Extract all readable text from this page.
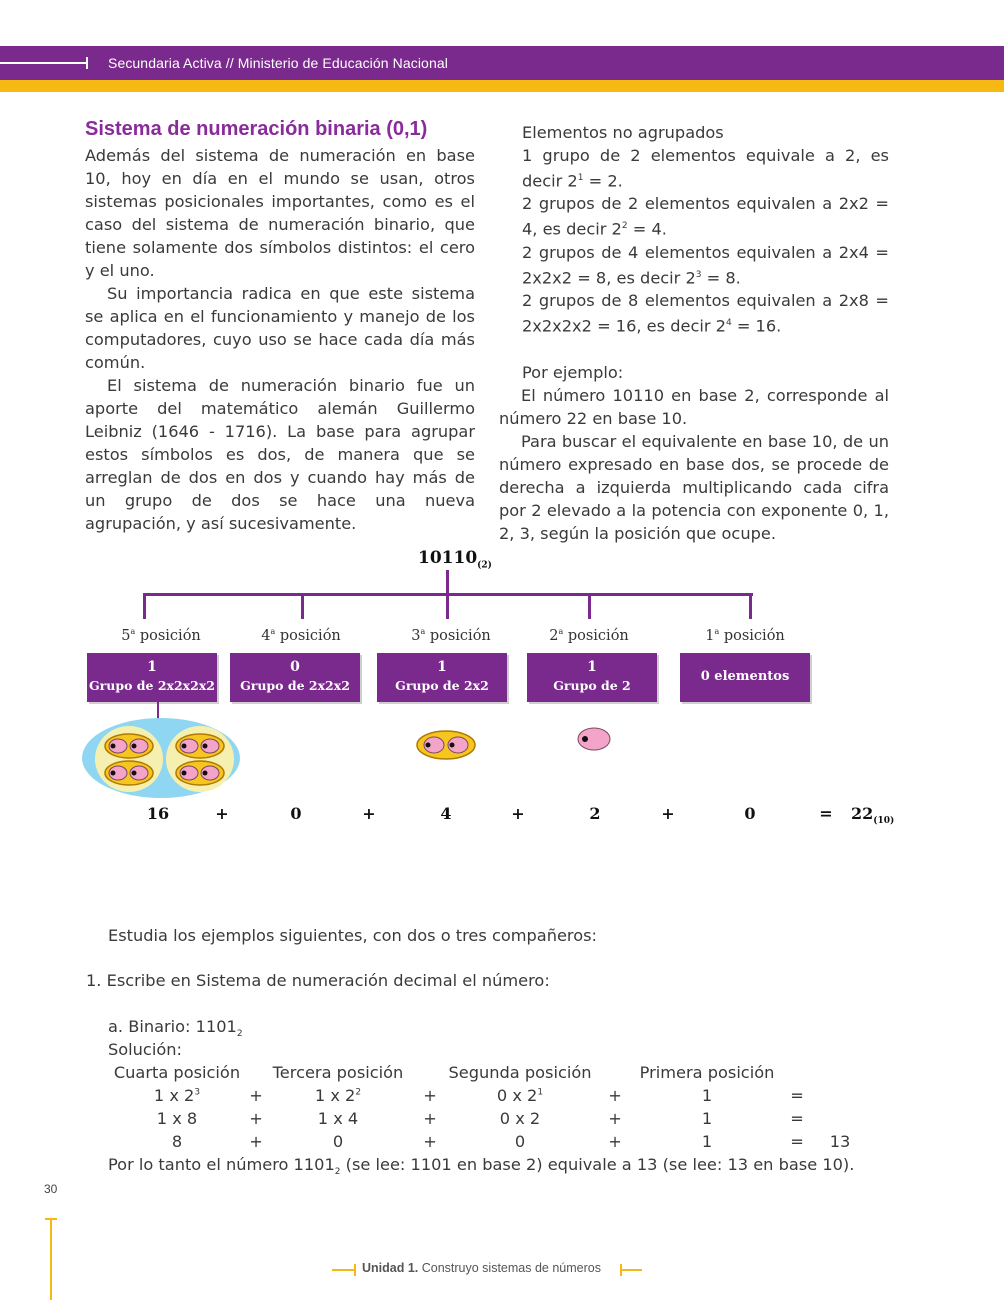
Secundaria Activa // Ministerio de Educación Nacional
Sistema de numeración binaria (0,1)

Además del sistema de numeración en base 10, hoy en día en el mundo se usan, otros sistemas posicionales importantes, como es el caso del sistema de numeración binario, que tiene solamente dos símbolos distintos: el cero y el uno.

Su importancia radica en que este sistema se aplica en el funcionamiento y manejo de los computadores, cuyo uso se hace cada día más común.

El sistema de numeración binario fue un aporte del matemático alemán Guillermo Leibniz (1646 - 1716). La base para agrupar estos símbolos es dos, de manera que se arreglan de dos en dos y cuando hay más de un grupo de dos se hace una nueva agrupación, y así sucesivamente.

Elementos no agrupados

1 grupo de 2 elementos equivale a 2, es decir $2^1 = 2$.

2 grupos de 2 elementos equivalen a 2x2 = 4, es decir $2^2 = 4$.

2 grupos de 4 elementos equivalen a 2x4 = 2x2x2 = 8, es decir $2^3 = 8$.

2 grupos de 8 elementos equivalen a 2x8 = 2x2x2x2 = 16, es decir $2^4 = 16$.

Por ejemplo:

El número 10110 en base 2, corresponde al número 22 en base 10.

Para buscar el equivalente en base 10, de un número expresado en base dos, se procede de derecha a izquierda multiplicando cada cifra por 2 elevado a la potencia con exponente 0, 1, 2, 3, según la posición que ocupe.

$10110_{(2)}$
5$^a$ posición	4$^a$ posición	3$^a$ posición	2$^a$ posición	1$^a$ posición
1
Grupo de 2x2x2x2
0
Grupo de 2x2x2
1
Grupo de 2x2
1
Grupo de 2
0 elementos
16	+	0	+	4	+	2	+	0	=	$22_{(10)}$
Estudia los ejemplos siguientes, con dos o tres compañeros:
1. Escribe en Sistema de numeración decimal el número:
a. Binario: $1101_2$
Solución:
Cuarta posición	Tercera posición	Segunda posición	Primera posición
1 x $2^3$	+	1 x $2^2$	+	0 x $2^1$	+	1	=
1 x 8	+	1 x 4	+	0 x 2	+	1	=
8	+	0	+	0	+	1	=	13
Por lo tanto el número $1101_2$ (se lee: 1101 en base 2) equivale a 13 (se lee: 13 en base 10).
30
Unidad 1. Construyo sistemas de números
